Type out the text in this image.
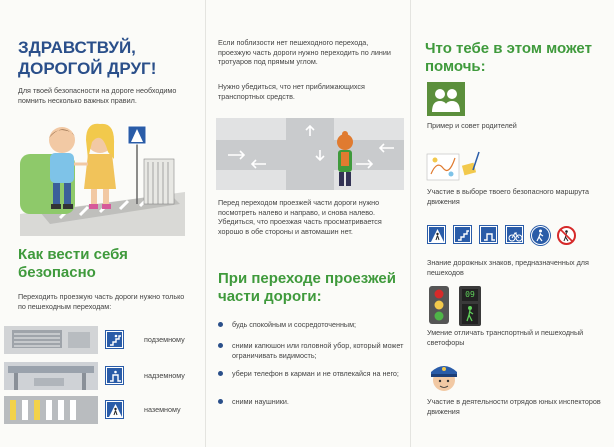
ЗДРАВСТВУЙ,
ДОРОГОЙ ДРУГ!
Для твоей безопасности на дороге необходимо помнить несколько важных правил.
Как вести себя
безопасно
Переходить проезжую часть дороги нужно только по пешеходным переходам:
подземному
надземному
наземному
Если поблизости нет пешеходного перехода, проезжую часть дороги нужно переходить по линии тротуаров под прямым углом.
Нужно убедиться, что нет приближающихся транспортных средств.
Перед переходом проезжей части дороги нужно посмотреть налево и направо, и снова налево. Убедиться, что проезжая часть просматривается хорошо в обе стороны и автомашин нет.
При переходе проезжей
части дороги:
будь спокойным и сосредоточенным;
сними капюшон или головной убор, который может ограничивать видимость;
убери телефон в карман и не отвлекайся на него;
сними наушники.
Что тебе в этом может
помочь:
Пример и совет родителей
Участие в выборе твоего безопасного маршрута движения
Знание дорожных знаков, предназначенных для пешеходов
09
Умение отличать транспортный и пешеходный светофоры
Участие в деятельности отрядов юных инспекторов движения
